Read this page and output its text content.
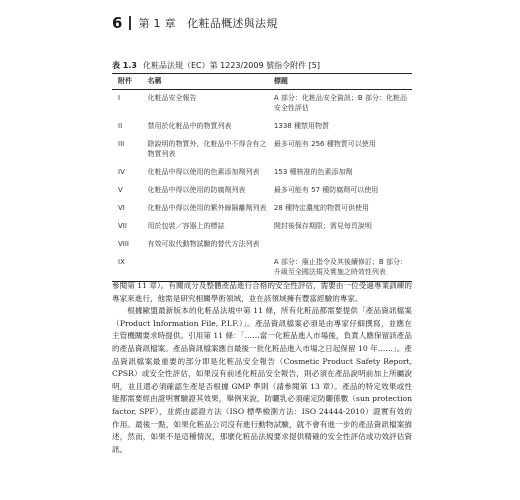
6 第 1 章　化粧品概述與法規
表 1.3 化粧品法規（EC）第 1223/2009 號指令附件 [5]
附件	名稱	標題
I	化粧品安全報告	A 部分：化粧品安全資訊；B 部分：化粧品安全性評估
II	禁用於化粧品中的物質列表	1338 種禁用物質
III	除說明的物質外，化粧品中不得含有之物質列表	最多可能有 256 種物質可以使用
IV	化粧品中得以使用的色素添加劑列表	153 種核准的色素添加劑
V	化粧品中得以使用的防腐劑列表	最多可能有 57 種防腐劑可以使用
VI	化粧品中得以使用的紫外線隔離劑列表	28 種特定濃度的物質可供使用
VII	用於包裝／容器上的標誌	開封後保存期限；需見每頁說明
VIII	有效可取代動物試驗的替代方法列表	
IX		A 部分：廢止指令及其後續修訂；B 部分：升級至全國法規及實施之時效性列表

參閱第 11 章）。有關成分及整體產品進行合格的安全性評估，需要由一位受過專業訓練的專家來進行，他需是研究相關學術領域，並在該領域擁有豐富經驗的專家。

根據歐盟最新版本的化粧品法規中第 11 條，所有化粧品都需要提供「產品資訊檔案（Product Information File, P.I.F.）」。產品資訊檔案必須是由專家仔細撰寫，並應在主管機關要求時提供。引用第 11 條：「……當一化粧品進入市場後，負責人應保留該產品的產品資訊檔案。產品資訊檔案應自最後一批化粧品進入市場之日起保留 10 年……」。產品資訊檔案最重要的部分即是化粧品安全報告（Cosmetic Product Safety Report, CPSR）或安全性評估，如果沒有前述化粧品安全報告，則必須在產品說明前加上所屬說明，並且還必須確認生產是否根據 GMP 準則（請參閱第 13 章）。產品的特定效果或性能都需要經由證明實驗證其效果，舉例來說，防曬乳必須確定防曬係數（sun protection factor, SPF），並經由認證方法（ISO 標準檢測方法：ISO 24444-2010）證實有效的作用。最後一點，如果化粧品公司沒有進行動物試驗，就不會有進一步的產品資訊檔案描述，然而，如果不是這種情況，那麼化粧品法規要求提供精確的安全性評估或功效評估資訊。
